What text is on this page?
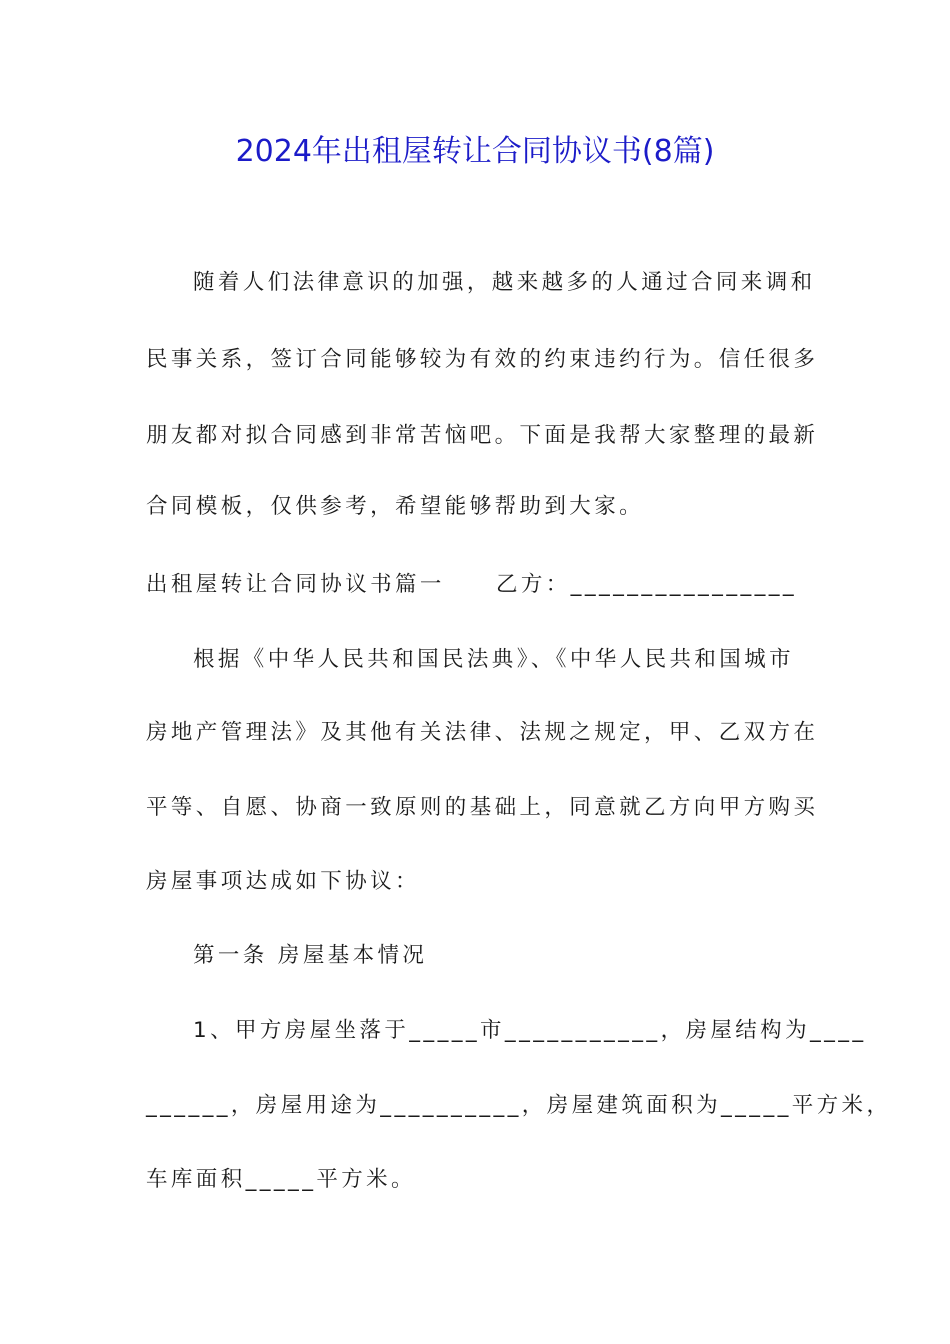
2024年出租屋转让合同协议书(8篇)
随着人们法律意识的加强，越来越多的人通过合同来调和
民事关系，签订合同能够较为有效的约束违约行为。信任很多
朋友都对拟合同感到非常苦恼吧。下面是我帮大家整理的最新
合同模板，仅供参考，希望能够帮助到大家。
出租屋转让合同协议书篇一     乙方：________________
根据《中华人民共和国民法典》、《中华人民共和国城市
房地产管理法》及其他有关法律、法规之规定，甲、乙双方在
平等、自愿、协商一致原则的基础上，同意就乙方向甲方购买
房屋事项达成如下协议：
第一条 房屋基本情况
1、甲方房屋坐落于_____市___________，房屋结构为____
______，房屋用途为__________，房屋建筑面积为_____平方米，
车库面积_____平方米。
